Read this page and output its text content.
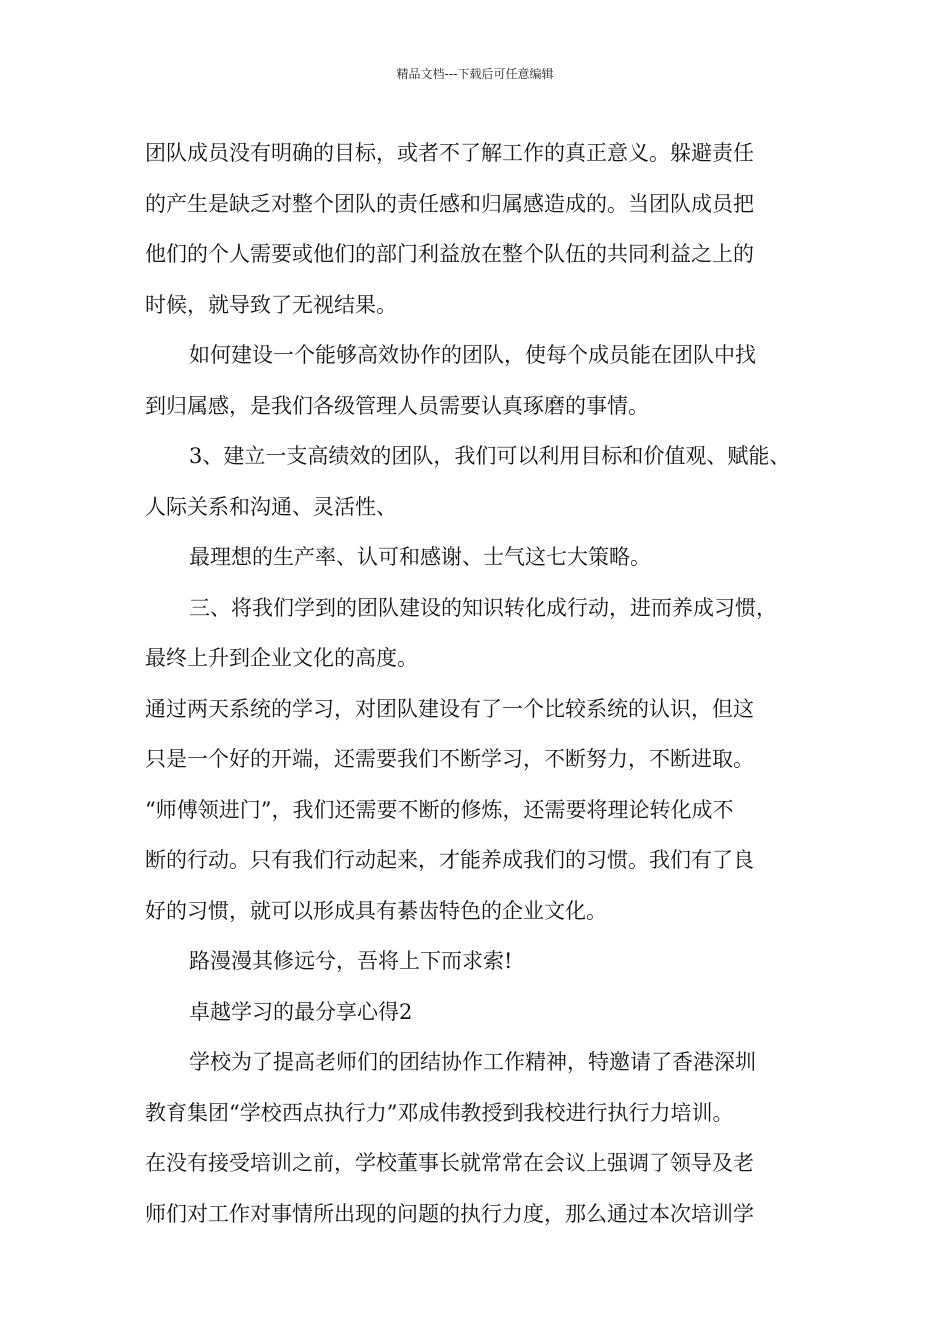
精品文档---下载后可任意编辑
团队成员没有明确的目标，或者不了解工作的真正意义。躲避责任
的产生是缺乏对整个团队的责任感和归属感造成的。当团队成员把
他们的个人需要或他们的部门利益放在整个队伍的共同利益之上的
时候，就导致了无视结果。
如何建设一个能够高效协作的团队，使每个成员能在团队中找
到归属感，是我们各级管理人员需要认真琢磨的事情。
3、建立一支高绩效的团队，我们可以利用目标和价值观、赋能、
人际关系和沟通、灵活性、
最理想的生产率、认可和感谢、士气这七大策略。
三、将我们学到的团队建设的知识转化成行动，进而养成习惯，
最终上升到企业文化的高度。
通过两天系统的学习，对团队建设有了一个比较系统的认识，但这
只是一个好的开端，还需要我们不断学习，不断努力，不断进取。
“师傅领进门”，我们还需要不断的修炼，还需要将理论转化成不
断的行动。只有我们行动起来，才能养成我们的习惯。我们有了良
好的习惯，就可以形成具有綦齿特色的企业文化。
路漫漫其修远兮，吾将上下而求索!
卓越学习的最分享心得2
学校为了提高老师们的团结协作工作精神，特邀请了香港深圳
教育集团“学校西点执行力”邓成伟教授到我校进行执行力培训。
在没有接受培训之前，学校董事长就常常在会议上强调了领导及老
师们对工作对事情所出现的问题的执行力度，那么通过本次培训学
